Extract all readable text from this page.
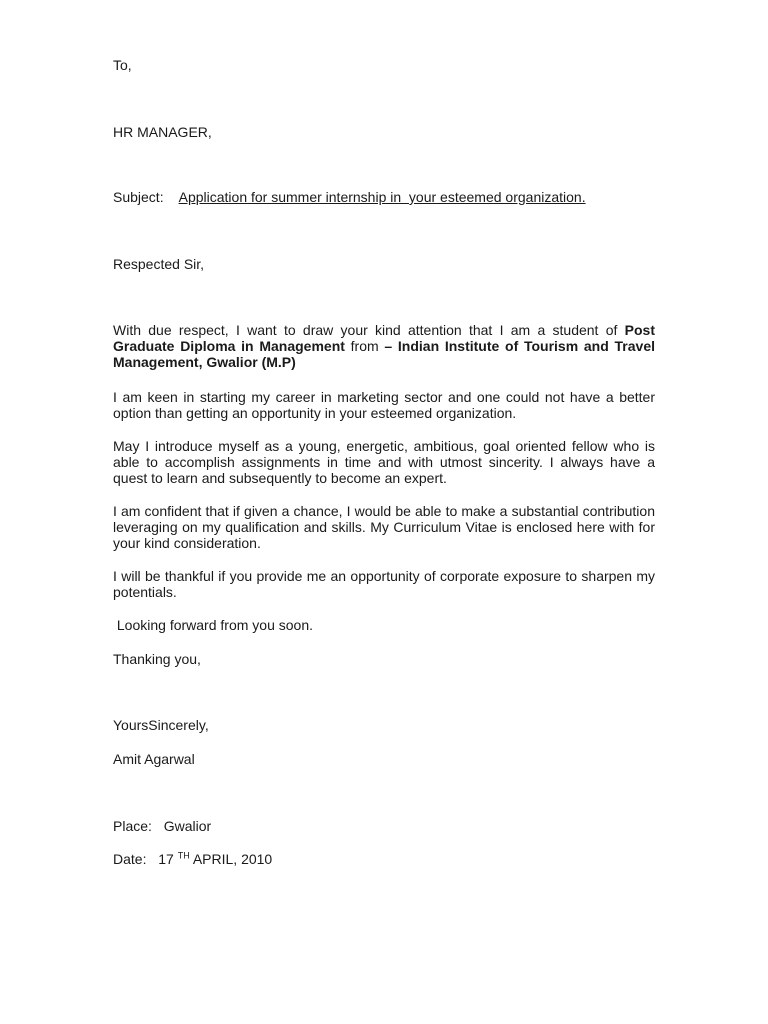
To,
HR MANAGER,
Subject: Application for summer internship in  your esteemed organization.
Respected Sir,
With due respect, I want to draw your kind attention that I am a student of Post Graduate Diploma in Management from – Indian Institute of Tourism and Travel Management, Gwalior (M.P)
I am keen in starting my career in marketing sector and one could not have a better option than getting an opportunity in your esteemed organization.
May I introduce myself as a young, energetic, ambitious, goal oriented fellow who is able to accomplish assignments in time and with utmost sincerity. I always have a quest to learn and subsequently to become an expert.
I am confident that if given a chance, I would be able to make a substantial contribution leveraging on my qualification and skills. My Curriculum Vitae is enclosed here with for your kind consideration.
I will be thankful if you provide me an opportunity of corporate exposure to sharpen my potentials.
Looking forward from you soon.
Thanking you,
YoursSincerely,
Amit Agarwal
Place: Gwalior
Date: 17 $^{TH}$ APRIL, 2010
